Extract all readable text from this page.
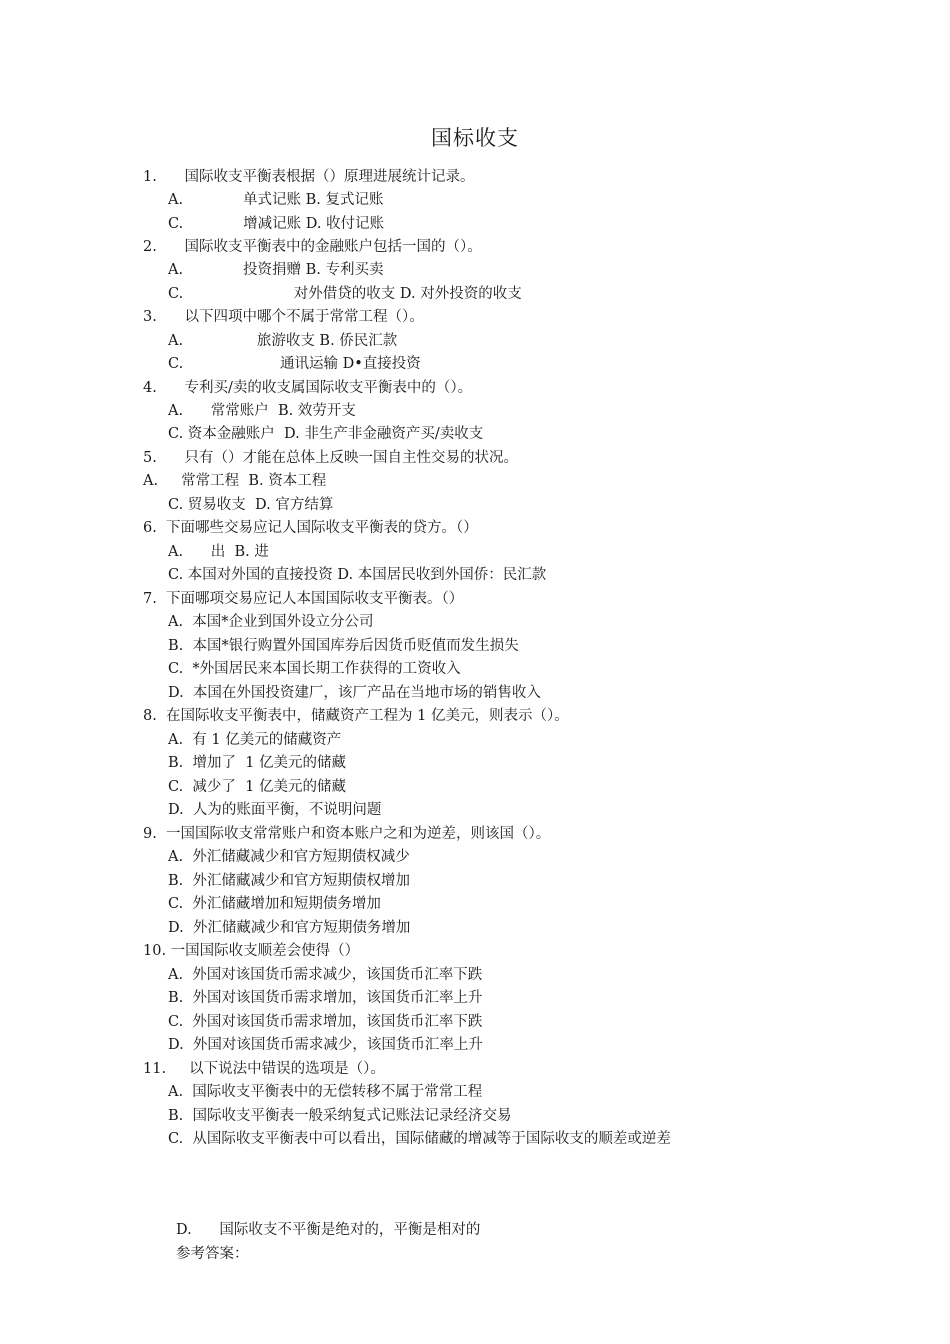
国标收支
1.      国际收支平衡表根据（）原理进展统计记录。
A.             单式记账 B. 复式记账
C.             增减记账 D. 收付记账
2.      国际收支平衡表中的金融账户包括一国的（）。
A.             投资捐赠 B. 专利买卖
C.                        对外借贷的收支 D. 对外投资的收支
3.      以下四项中哪个不属于常常工程（）。
A.                旅游收支 B. 侨民汇款
C.                     通讯运输 D•直接投资
4.      专利买/卖的收支属国际收支平衡表中的（）。
A.      常常账户  B. 效劳开支
C. 资本金融账户  D. 非生产非金融资产买/卖收支
5.      只有（）才能在总体上反映一国自主性交易的状况。
A.     常常工程  B. 资本工程
C. 贸易收支  D. 官方结算
6.  下面哪些交易应记人国际收支平衡表的贷方。（）
A.      出  B. 进
C. 本国对外国的直接投资 D. 本国居民收到外国侨：民汇款
7.  下面哪项交易应记人本国国际收支平衡表。（）
A.  本国*企业到国外设立分公司
B.  本国*银行购置外国国库券后因货币贬值而发生损失
C.  *外国居民来本国长期工作获得的工资收入
D.  本国在外国投资建厂，该厂产品在当地市场的销售收入
8.  在国际收支平衡表中，储藏资产工程为 1 亿美元，则表示（）。
A.  有 1 亿美元的储藏资产
B.  增加了  1 亿美元的储藏
C.  减少了  1 亿美元的储藏
D.  人为的账面平衡，不说明问题
9.  一国国际收支常常账户和资本账户之和为逆差，则该国（）。
A.  外汇储藏减少和官方短期债权减少
B.  外汇储藏减少和官方短期债权增加
C.  外汇储藏增加和短期债务增加
D.  外汇储藏减少和官方短期债务增加
10. 一国国际收支顺差会使得（）
A.  外国对该国货币需求减少，该国货币汇率下跌
B.  外国对该国货币需求增加，该国货币汇率上升
C.  外国对该国货币需求增加，该国货币汇率下跌
D.  外国对该国货币需求减少，该国货币汇率上升
11.     以下说法中错误的选项是（）。
A.  国际收支平衡表中的无偿转移不属于常常工程
B.  国际收支平衡表一般采纳复式记账法记录经济交易
C.  从国际收支平衡表中可以看出，国际储藏的增减等于国际收支的顺差或逆差
D.      国际收支不平衡是绝对的，平衡是相对的
参考答案：
